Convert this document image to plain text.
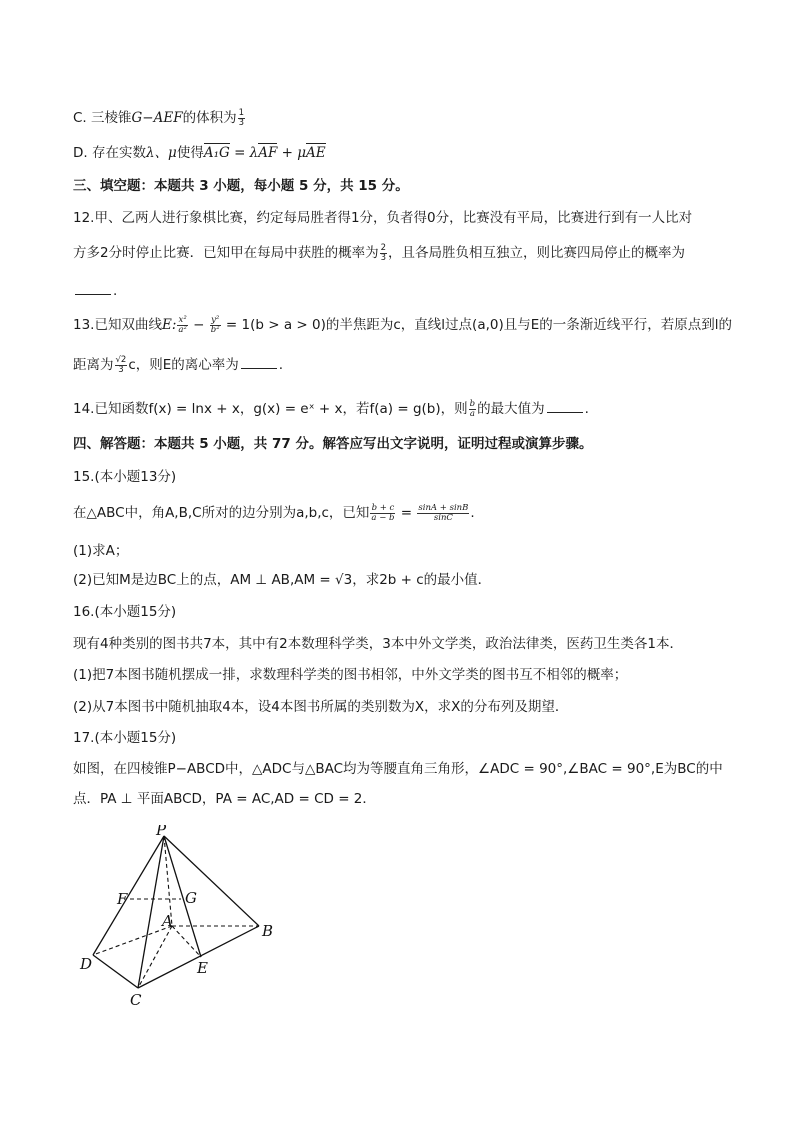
C. 三棱锥G−AEF的体积为 $\frac{1}{3}$
D. 存在实数λ、μ使得A₁G = λAF + μAE
三、填空题：本题共 3 小题，每小题 5 分，共 15 分。
12.甲、乙两人进行象棋比赛，约定每局胜者得1分，负者得0分，比赛没有平局，比赛进行到有一人比对
方多2分时停止比赛．已知甲在每局中获胜的概率为 $\frac{2}{3}$ ，且各局胜负相互独立，则比赛四局停止的概率为
.
13.已知双曲线E: $\frac{\text{x²}}{\text{a²}} - \frac{\text{y²}}{\text{b²}} = 1(b > a > 0)$的半焦距为c，直线l过点(a,0)且与E的一条渐近线平行，若原点到l的
距离为 $\frac{√2}{3}$ c，则E的离心率为	.
14.已知函数f(x) = lnx + x，g(x) = eˣ + x，若f(a) = g(b)，则 $\frac{b}{a}$ 的最大值为	.
四、解答题：本题共 5 小题，共 77 分。解答应写出文字说明，证明过程或演算步骤。
15.(本小题13分)
在△ABC中，角A,B,C所对的边分别为a,b,c，已知 $\frac{b + c}{a - b} = \frac{\sin A + \sin B}{\sin C}$ .
(1)求A；
(2)已知M是边BC上的点，AM ⊥ AB,AM = √3，求2b + c的最小值．
16.(本小题15分)
现有4种类别的图书共7本，其中有2本数理科学类，3本中外文学类，政治法律类，医药卫生类各1本．
(1)把7本图书随机摆成一排，求数理科学类的图书相邻，中外文学类的图书互不相邻的概率；
(2)从7本图书中随机抽取4本，设4本图书所属的类别数为X，求X的分布列及期望．
17.(本小题15分)
如图，在四棱锥P−ABCD中，△ADC与△BAC均为等腰直角三角形，∠ADC = 90°,∠BAC = 90°,E为BC的中
点．PA ⊥ 平面ABCD，PA = AC,AD = CD = 2．
P
F	G
A
B
D	E
C
